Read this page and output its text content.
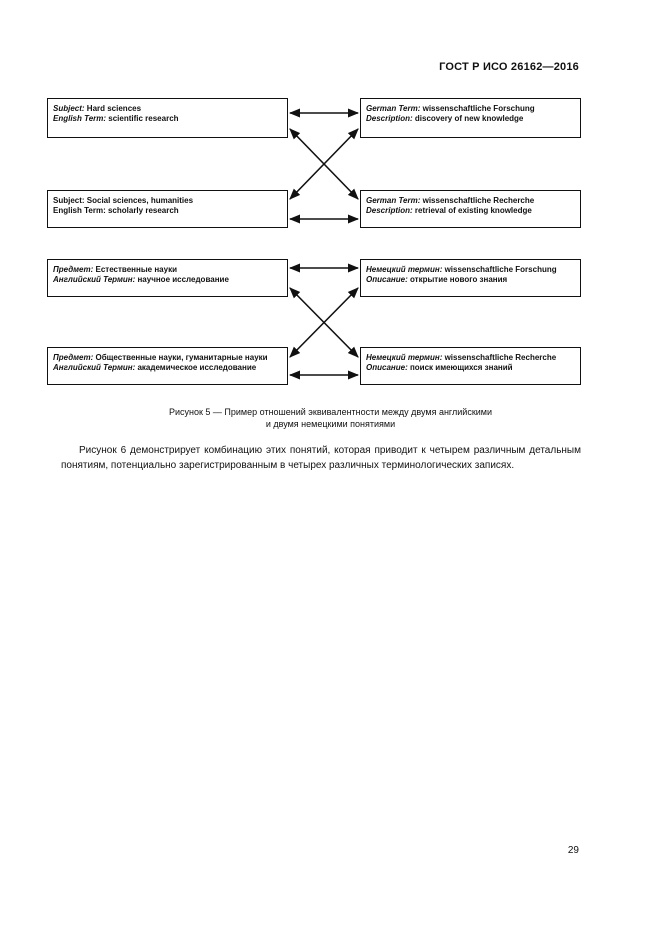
ГОСТ Р ИСО 26162—2016
Subject: Hard sciences
English Term: scientific research
German Term: wissenschaftliche Forschung
Description: discovery of new knowledge
Subject: Social sciences, humanities
English Term: scholarly research
German Term: wissenschaftliche Recherche
Description: retrieval of existing knowledge
Предмет: Естественные науки
Английский Термин: научное исследование
Немецкий термин: wissenschaftliche Forschung
Описание: открытие нового знания
Предмет: Общественные науки, гуманитарные науки
Английский Термин: академическое исследование
Немецкий термин: wissenschaftliche Recherche
Описание: поиск имеющихся знаний
Рисунок 5 — Пример отношений эквивалентности между двумя английскими
и двумя немецкими понятиями
Рисунок 6 демонстрирует комбинацию этих понятий, которая приводит к четырем различным детальным понятиям, потенциально зарегистрированным в четырех различных терминологических записях.
29
